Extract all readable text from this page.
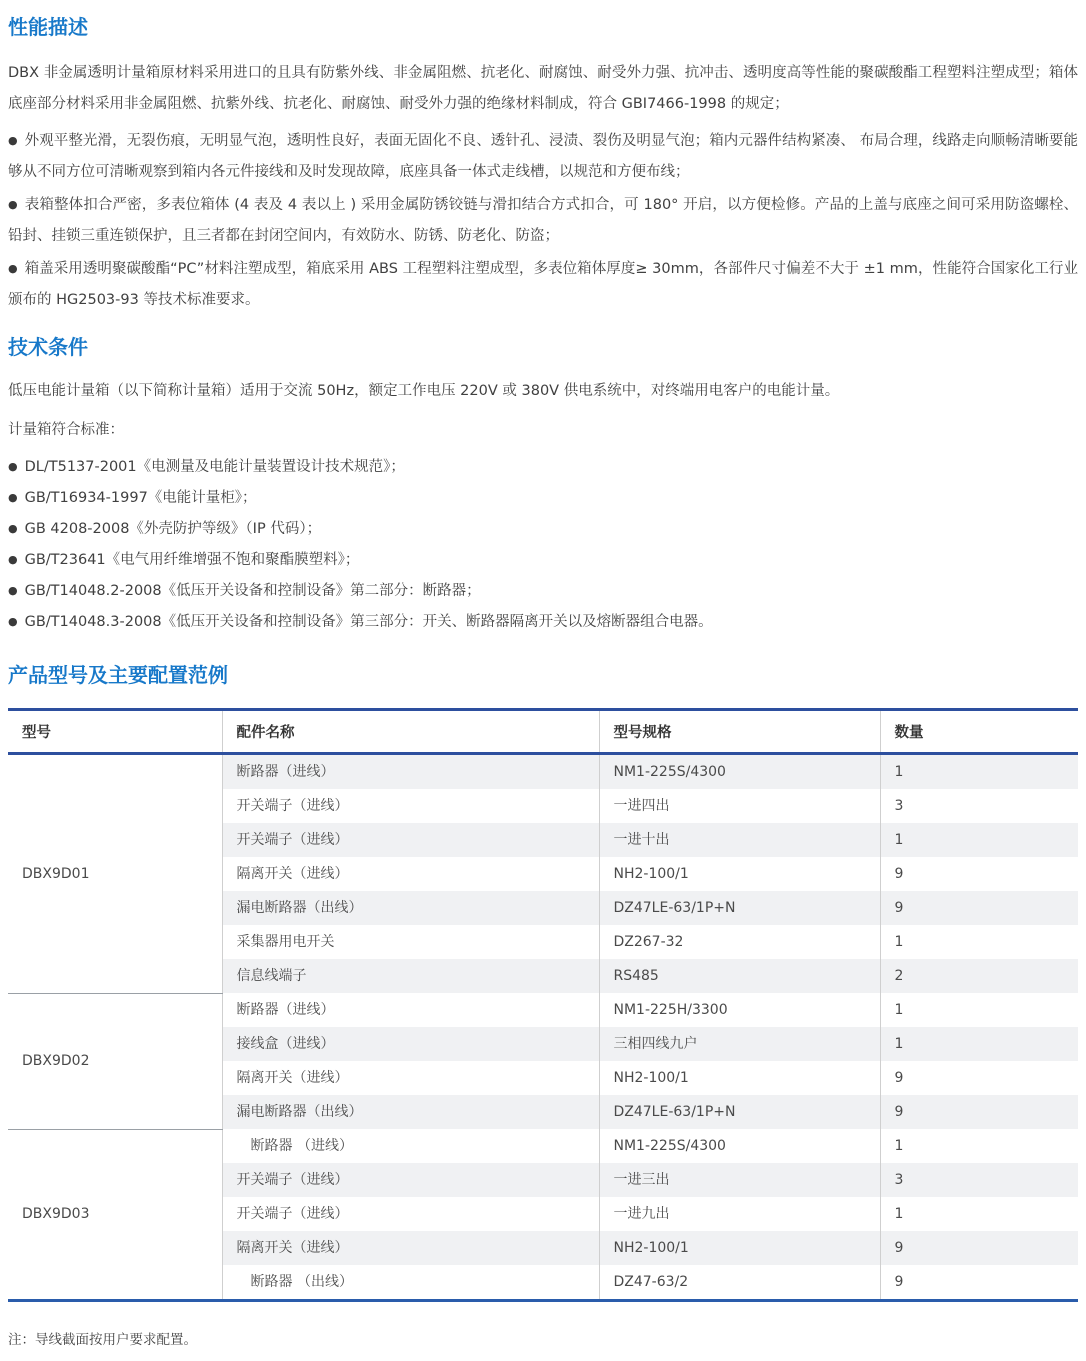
性能描述

DBX 非金属透明计量箱原材料采用进口的且具有防紫外线、非金属阻燃、抗老化、耐腐蚀、耐受外力强、抗冲击、透明度高等性能的聚碳酸酯工程塑料注塑成型；箱体底座部分材料采用非金属阻燃、抗紫外线、抗老化、耐腐蚀、耐受外力强的绝缘材料制成，符合 GBI7466-1998 的规定；

● 外观平整光滑，无裂伤痕，无明显气泡，透明性良好，表面无固化不良、透针孔、浸渍、裂伤及明显气泡；箱内元器件结构紧凑、 布局合理，线路走向顺畅清晰要能够从不同方位可清晰观察到箱内各元件接线和及时发现故障，底座具备一体式走线槽，以规范和方便布线；
● 表箱整体扣合严密，多表位箱体 (4 表及 4 表以上 ) 采用金属防锈铰链与滑扣结合方式扣合，可 180° 开启，以方便检修。产品的上盖与底座之间可采用防盗螺栓、铅封、挂锁三重连锁保护，且三者都在封闭空间内，有效防水、防锈、防老化、防盗；
● 箱盖采用透明聚碳酸酯“PC”材料注塑成型，箱底采用 ABS 工程塑料注塑成型，多表位箱体厚度≥ 30mm，各部件尺寸偏差不大于 ±1 mm，性能符合国家化工行业颁布的 HG2503-93 等技术标准要求。
技术条件

低压电能计量箱（以下简称计量箱）适用于交流 50Hz，额定工作电压 220V 或 380V 供电系统中，对终端用电客户的电能计量。

计量箱符合标准：

● DL/T5137-2001《电测量及电能计量装置设计技术规范》；
● GB/T16934-1997《电能计量柜》；
● GB 4208-2008《外壳防护等级》（IP 代码）；
● GB/T23641《电气用纤维增强不饱和聚酯膜塑料》；
● GB/T14048.2-2008《低压开关设备和控制设备》第二部分：断路器；
● GB/T14048.3-2008《低压开关设备和控制设备》第三部分：开关、断路器隔离开关以及熔断器组合电器。
产品型号及主要配置范例
型号	配件名称	型号规格	数量
DBX9D01	断路器（进线）	NM1-225S/4300	1
	开关端子（进线）	一进四出	3
	开关端子（进线）	一进十出	1
	隔离开关（进线）	NH2-100/1	9
	漏电断路器（出线）	DZ47LE-63/1P+N	9
	采集器用电开关	DZ267-32	1
	信息线端子	RS485	2
DBX9D02	断路器（进线）	NM1-225H/3300	1
	接线盒（进线）	三相四线九户	1
	隔离开关（进线）	NH2-100/1	9
	漏电断路器（出线）	DZ47LE-63/1P+N	9
DBX9D03	断路器 （进线）	NM1-225S/4300	1
	开关端子（进线）	一进三出	3
	开关端子（进线）	一进九出	1
	隔离开关（进线）	NH2-100/1	9
	断路器 （出线）	DZ47-63/2	9

注：导线截面按用户要求配置。
